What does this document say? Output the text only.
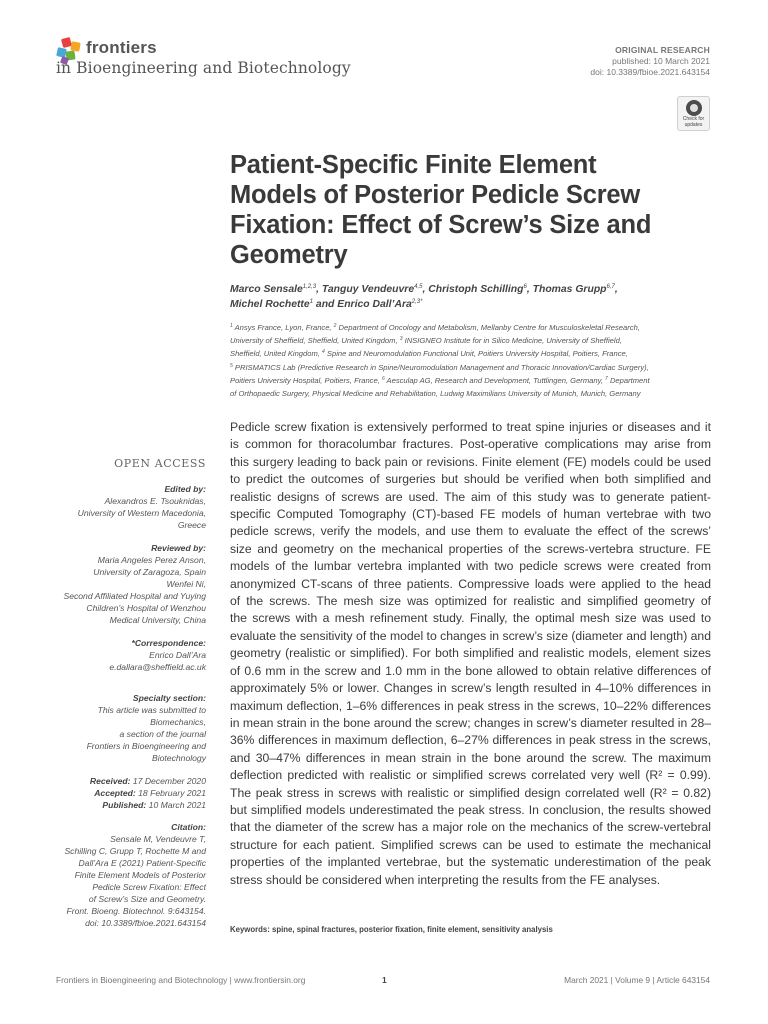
frontiers
in Bioengineering and Biotechnology
ORIGINAL RESEARCH
published: 10 March 2021
doi: 10.3389/fbioe.2021.643154
Check for
updates
Patient-Specific Finite Element
Models of Posterior Pedicle Screw
Fixation: Effect of Screw’s Size and
Geometry
Marco Sensale$^{1,2,3}$, Tanguy Vendeuvre$^{4,5}$, Christoph Schilling$^6$, Thomas Grupp$^{6,7}$,
Michel Rochette$^1$ and Enrico Dall’Ara$^{2,3*}$
$^1$ Ansys France, Lyon, France, $^2$ Department of Oncology and Metabolism, Mellanby Centre for Musculoskeletal Research,
University of Sheffield, Sheffield, United Kingdom, $^3$ INSIGNEO Institute for in Silico Medicine, University of Sheffield,
Sheffield, United Kingdom, $^4$ Spine and Neuromodulation Functional Unit, Poitiers University Hospital, Poitiers, France,
$^5$ PRISMATICS Lab (Predictive Research in Spine/Neuromodulation Management and Thoracic Innovation/Cardiac Surgery),
Poitiers University Hospital, Poitiers, France, $^6$ Aesculap AG, Research and Development, Tuttlingen, Germany, $^7$ Department
of Orthopaedic Surgery, Physical Medicine and Rehabilitation, Ludwig Maximilians University of Munich, Munich, Germany
OPEN ACCESS
Edited by:
Alexandros E. Tsouknidas,
University of Western Macedonia,
Greece
Reviewed by:
Maria Angeles Perez Anson,
University of Zaragoza, Spain
Wenfei Ni,
Second Affiliated Hospital and Yuying
Children’s Hospital of Wenzhou
Medical University, China
*Correspondence:
Enrico Dall’Ara
e.dallara@sheffield.ac.uk
Specialty section:
This article was submitted to
Biomechanics,
a section of the journal
Frontiers in Bioengineering and
Biotechnology
Received: 17 December 2020
Accepted: 18 February 2021
Published: 10 March 2021
Citation:
Sensale M, Vendeuvre T,
Schilling C, Grupp T, Rochette M and
Dall’Ara E (2021) Patient-Specific
Finite Element Models of Posterior
Pedicle Screw Fixation: Effect
of Screw’s Size and Geometry.
Front. Bioeng. Biotechnol. 9:643154.
doi: 10.3389/fbioe.2021.643154
Pedicle screw fixation is extensively performed to treat spine injuries or diseases and it
is common for thoracolumbar fractures. Post-operative complications may arise from
this surgery leading to back pain or revisions. Finite element (FE) models could be used
to predict the outcomes of surgeries but should be verified when both simplified and
realistic designs of screws are used. The aim of this study was to generate patient-
specific Computed Tomography (CT)-based FE models of human vertebrae with two
pedicle screws, verify the models, and use them to evaluate the effect of the screws’
size and geometry on the mechanical properties of the screws-vertebra structure. FE
models of the lumbar vertebra implanted with two pedicle screws were created from
anonymized CT-scans of three patients. Compressive loads were applied to the head
of the screws. The mesh size was optimized for realistic and simplified geometry of
the screws with a mesh refinement study. Finally, the optimal mesh size was used to
evaluate the sensitivity of the model to changes in screw’s size (diameter and length) and
geometry (realistic or simplified). For both simplified and realistic models, element sizes
of 0.6 mm in the screw and 1.0 mm in the bone allowed to obtain relative differences of
approximately 5% or lower. Changes in screw’s length resulted in 4–10% differences in
maximum deflection, 1–6% differences in peak stress in the screws, 10–22% differences
in mean strain in the bone around the screw; changes in screw’s diameter resulted in 28–
36% differences in maximum deflection, 6–27% differences in peak stress in the screws,
and 30–47% differences in mean strain in the bone around the screw. The maximum
deflection predicted with realistic or simplified screws correlated very well (R² = 0.99).
The peak stress in screws with realistic or simplified design correlated well (R² = 0.82)
but simplified models underestimated the peak stress. In conclusion, the results showed
that the diameter of the screw has a major role on the mechanics of the screw-vertebral
structure for each patient. Simplified screws can be used to estimate the mechanical
properties of the implanted vertebrae, but the systematic underestimation of the peak
stress should be considered when interpreting the results from the FE analyses.
Keywords: spine, spinal fractures, posterior fixation, finite element, sensitivity analysis
Frontiers in Bioengineering and Biotechnology | www.frontiersin.org	1	March 2021 | Volume 9 | Article 643154
